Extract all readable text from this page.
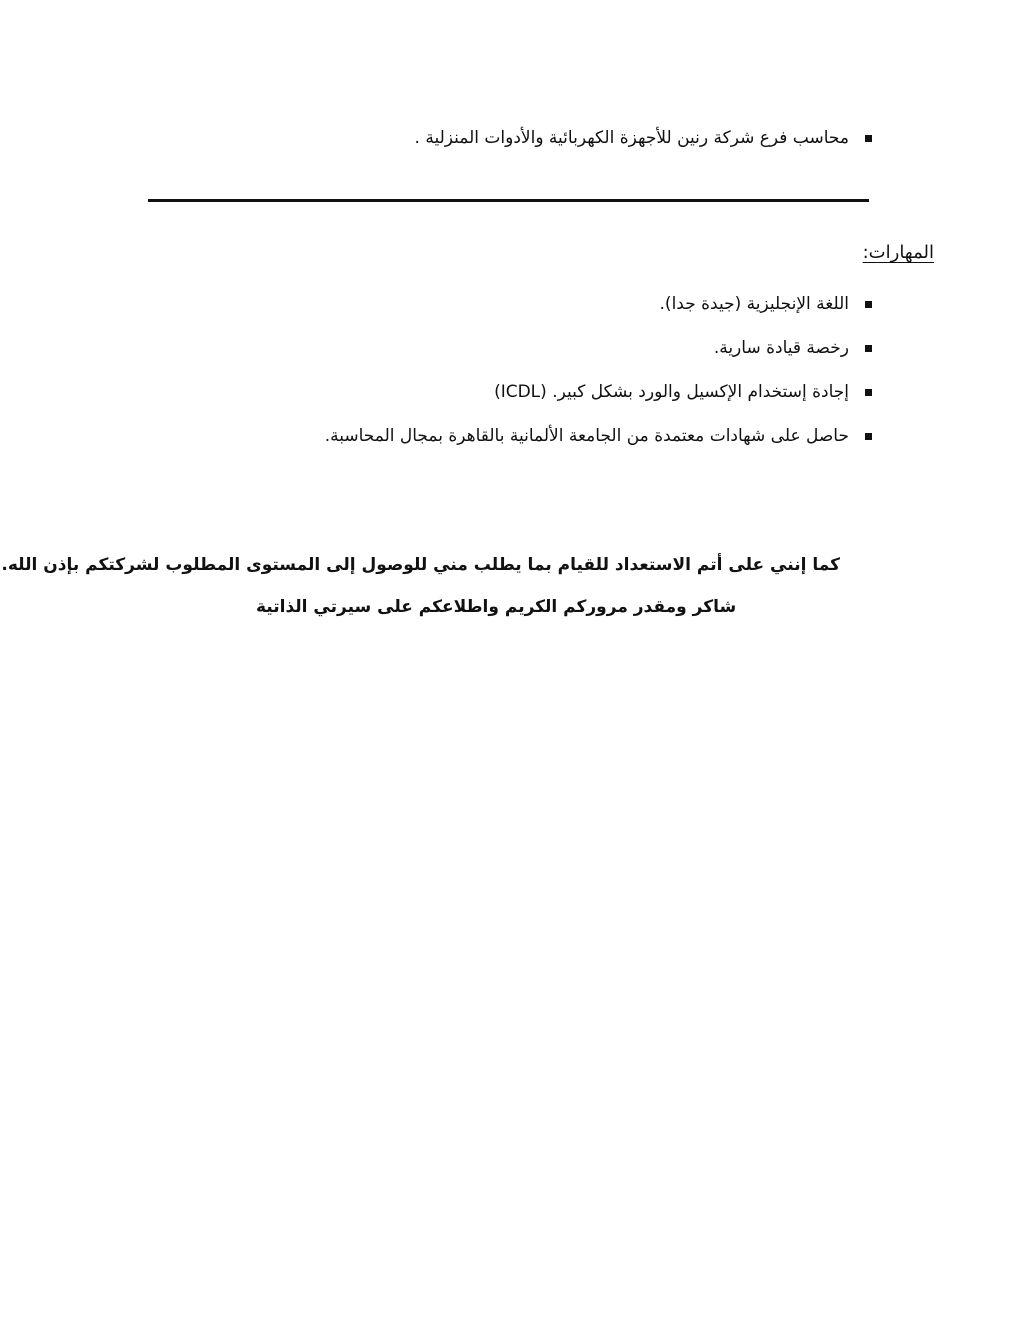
محاسب فرع شركة رنين للأجهزة الكهربائية والأدوات المنزلية .
المهارات:
اللغة الإنجليزية (جيدة جدا).
رخصة قيادة سارية.
إجادة إستخدام الإكسيل والورد بشكل كبير. (ICDL)
حاصل على شهادات معتمدة من الجامعة الألمانية بالقاهرة بمجال المحاسبة.
كما إنني على أتم الاستعداد للقيام بما يطلب مني للوصول إلى المستوى المطلوب لشركتكم بإذن الله.
شاكر ومقدر مروركم الكريم واطلاعكم على سيرتي الذاتية
